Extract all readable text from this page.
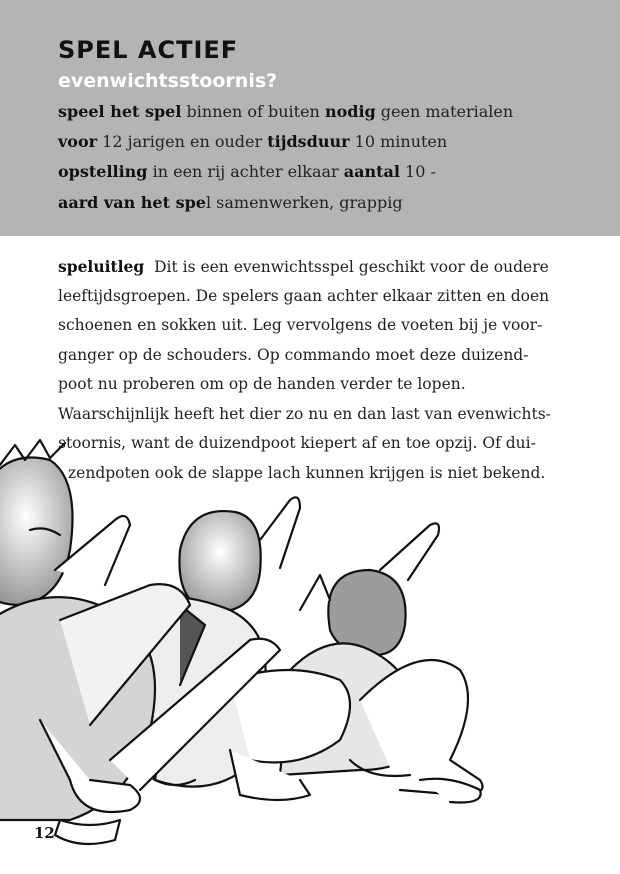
SPEL ACTIEF
evenwichtsstoornis?

speel het spel binnen of buiten nodig geen materialen

voor 12 jarigen en ouder tijdsduur 10 minuten

opstelling in een rij achter elkaar aantal 10 -

aard van het spel samenwerken, grappig

speluitleg  Dit is een evenwichtsspel geschikt voor de oudere
leeftijdsgroepen. De spelers gaan achter elkaar zitten en doen
schoenen en sokken uit. Leg vervolgens de voeten bij je voor-
ganger op de schouders. Op commando moet deze duizend-
poot nu proberen om op de handen verder te lopen.
Waarschijnlijk heeft het dier zo nu en dan last van evenwichts-
stoornis, want de duizendpoot kiepert af en toe opzij. Of dui-
zendpoten ook de slappe lach kunnen krijgen is niet bekend.
12
